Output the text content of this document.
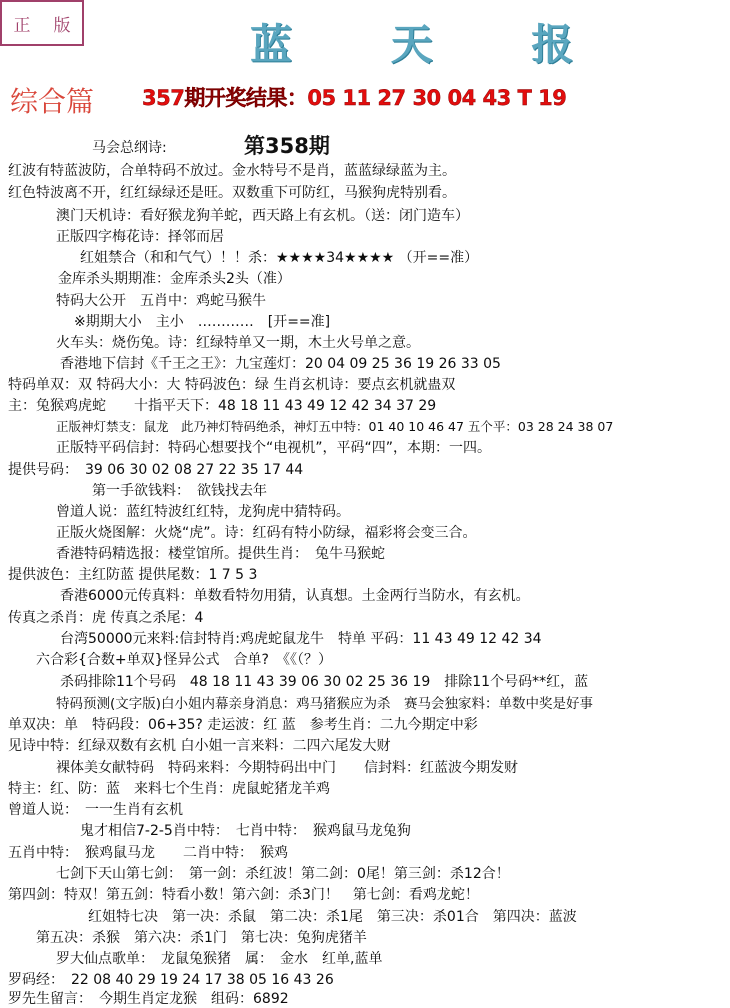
正 版	蓝 天 报
综合篇 357期开奖结果：05 11 27 30 04 43 T 19
第358期
马会总纲诗:
红波有特蓝波防，合单特码不放过。金水特号不是肖，蓝蓝绿绿蓝为主。
红色特波离不开，红红绿绿还是旺。双数重下可防红，马猴狗虎特别看。
澳门天机诗：看好猴龙狗羊蛇，西天路上有玄机。（送：闭门造车）
正版四字梅花诗：择邻而居
红姐禁合（和和气气）！！杀：★★★★34★★★★ （开==准）
金库杀头期期准：金库杀头2头（准）
特码大公开　五肖中：鸡蛇马猴牛
※期期大小　主小　…………　[开==准]
火车头：烧伤兔。诗：红绿特单又一期，木土火号单之意。
香港地下信封《千王之王》：九宝莲灯：20 04 09 25 36 19 26 33 05
特码单双：双 特码大小：大 特码波色：绿 生肖玄机诗：要点玄机就蛊双
主：兔猴鸡虎蛇　　十指平天下：48 18 11 43 49 12 42 34 37 29
正版神灯禁支：鼠龙　此乃神灯特码绝杀，神灯五中特：01 40 10 46 47 五个平：03 28 24 38 07
正版特平码信封：特码心想要找个“电视机”，平码“四”，本期：一四。
提供号码：　39 06 30 02 08 27 22 35 17 44
第一手欲钱料：　欲钱找去年
曾道人说：蓝红特波红红特，龙狗虎中猜特码。
正版火烧图解：火烧“虎”。诗：红码有特小防绿，福彩将会变三合。
香港特码精选报：楼堂馆所。提供生肖：　兔牛马猴蛇
提供波色：主红防蓝 提供尾数：1 7 5 3
香港6000元传真料：单数看特勿用猜，认真想。土金两行当防水，有玄机。
传真之杀肖：虎 传真之杀尾：4
台湾50000元来料:信封特肖:鸡虎蛇鼠龙牛　特单 平码：11 43 49 12 42 34
六合彩{合数+单双}怪异公式　合单?　《《（？）
杀码排除11个号码　48 18 11 43 39 06 30 02 25 36 19　排除11个号码**红，蓝
特码预测(文字版)白小姐内幕亲身消息：鸡马猪猴应为杀　赛马会独家料：单数中奖是好事
单双决：单　特码段：06+35? 走运波：红 蓝　参考生肖：二九今期定中彩
见诗中特：红绿双数有玄机 白小姐一言来料：二四六尾发大财
裸体美女献特码　特码来料：今期特码出中门　　信封料：红蓝波今期发财
特主：红、防：蓝　来料七个生肖：虎鼠蛇猪龙羊鸡
曾道人说：　一一生肖有玄机
鬼才相信7-2-5肖中特：　七肖中特：　猴鸡鼠马龙兔狗
五肖中特：　猴鸡鼠马龙　　二肖中特：　猴鸡
七剑下天山第七剑：　第一剑：杀红波！第二剑：0尾！第三剑：杀12合！
第四剑：特双！第五剑：特看小数！第六剑：杀3门！　第七剑：看鸡龙蛇！
红姐特七决　第一决：杀鼠　第二决：杀1尾　第三决：杀01合　第四决：蓝波
第五决：杀猴　第六决：杀1门　第七决：兔狗虎猪羊
罗大仙点歌单：　龙鼠兔猴猪　属：　金水　红单,蓝单
罗码经：　22 08 40 29 19 24 17 38 05 16 43 26
罗先生留言：　今期生肖定龙猴　组码：6892
